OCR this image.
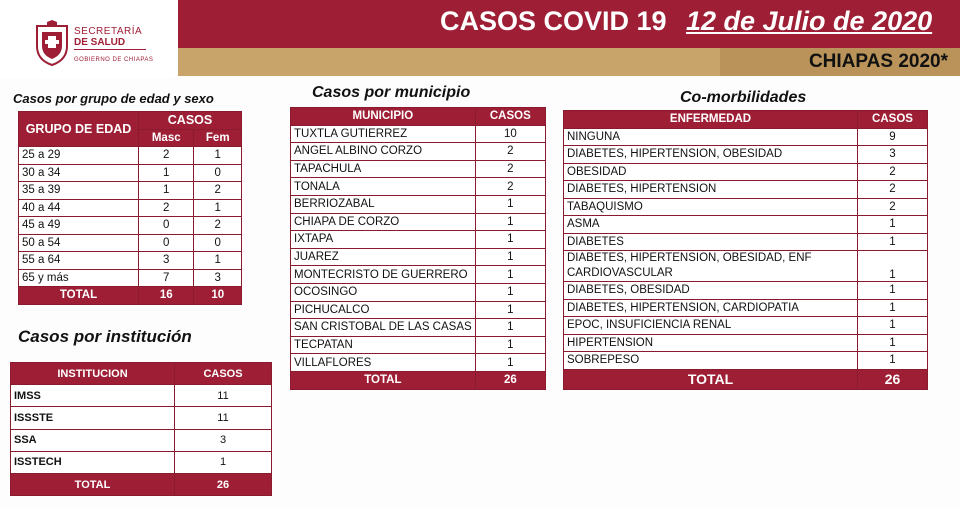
CASOS COVID 19 12 de Julio de 2020
CHIAPAS 2020*
SECRETARÍA
DE SALUD
GOBIERNO DE CHIAPAS
Casos por grupo de edad y sexo
GRUPO DE EDAD	CASOS	
	Masc	Fem
25 a 29	2	1
30 a 34	1	0
35 a 39	1	2
40 a 44	2	1
45 a 49	0	2
50 a 54	0	0
55 a 64	3	1
65 y más	7	3
TOTAL	16	10
Casos por institución
INSTITUCION	CASOS
IMSS	11
ISSSTE	11
SSA	3
ISSTECH	1
TOTAL	26
Casos por municipio
MUNICIPIO	CASOS
TUXTLA GUTIERREZ	10
ANGEL ALBINO CORZO	2
TAPACHULA	2
TONALA	2
BERRIOZABAL	1
CHIAPA DE CORZO	1
IXTAPA	1
JUAREZ	1
MONTECRISTO DE GUERRERO	1
OCOSINGO	1
PICHUCALCO	1
SAN CRISTOBAL DE LAS CASAS	1
TECPATAN	1
VILLAFLORES	1
TOTAL	26
Co-morbilidades
ENFERMEDAD	CASOS
NINGUNA	9
DIABETES, HIPERTENSION, OBESIDAD	3
OBESIDAD	2
DIABETES, HIPERTENSION	2
TABAQUISMO	2
ASMA	1
DIABETES	1
DIABETES, HIPERTENSION, OBESIDAD, ENF CARDIOVASCULAR	1
DIABETES, OBESIDAD	1
DIABETES, HIPERTENSION, CARDIOPATIA	1
EPOC, INSUFICIENCIA RENAL	1
HIPERTENSION	1
SOBREPESO	1
TOTAL	26
